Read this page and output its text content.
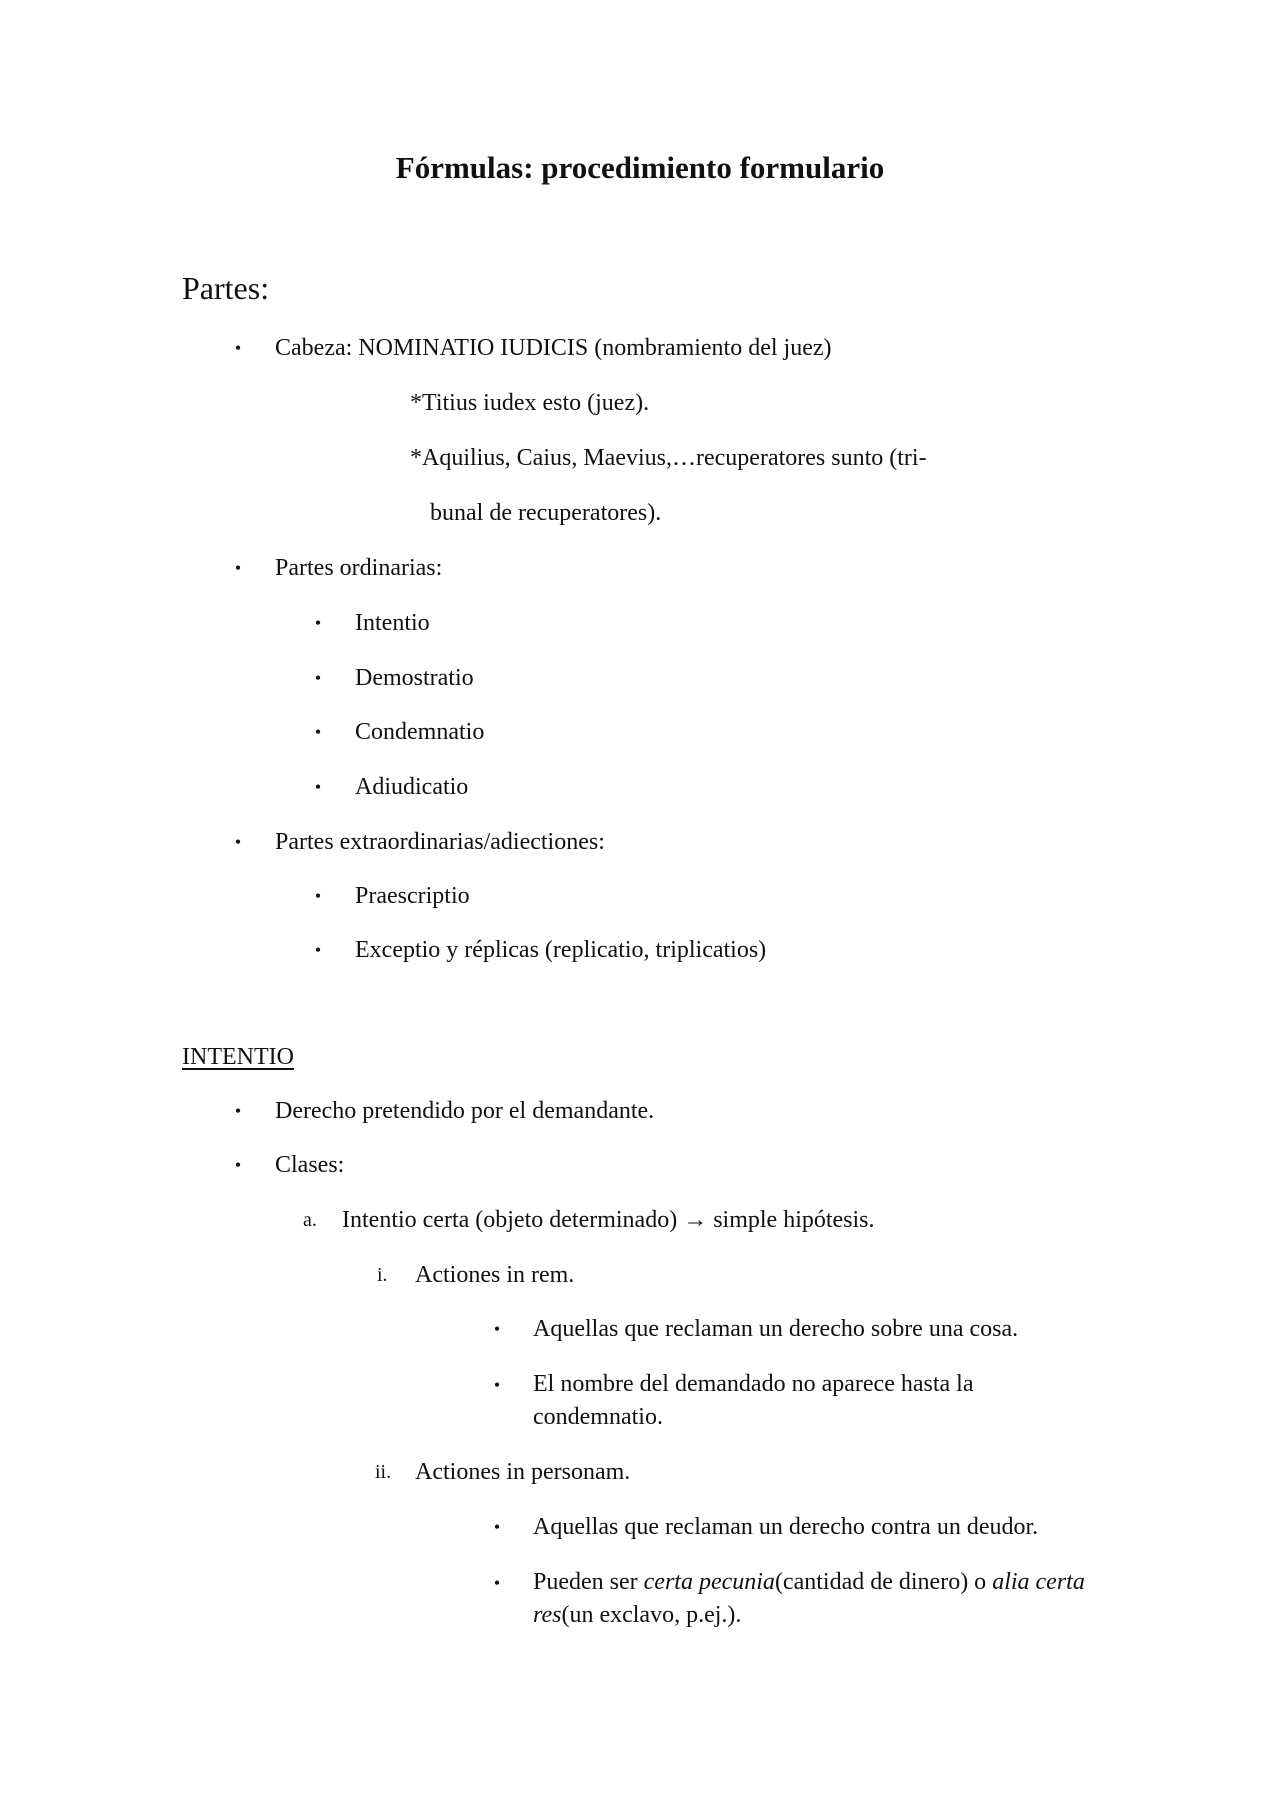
Fórmulas: procedimiento formulario
Partes:
• Cabeza: NOMINATIO IUDICIS (nombramiento del juez)
*Titius iudex esto (juez).
*Aquilius, Caius, Maevius,…recuperatores sunto (tri-
bunal de recuperatores).
• Partes ordinarias:
• Intentio
• Demostratio
• Condemnatio
• Adiudicatio
• Partes extraordinarias/adiectiones:
• Praescriptio
• Exceptio y réplicas (replicatio, triplicatios)
INTENTIO
• Derecho pretendido por el demandante.
• Clases:
a. Intentio certa (objeto determinado) → simple hipótesis.
i. Actiones in rem.
• Aquellas que reclaman un derecho sobre una cosa.
• El nombre del demandado no aparece hasta la condemnatio.
ii. Actiones in personam.
• Aquellas que reclaman un derecho contra un deudor.
• Pueden ser certa pecunia(cantidad de dinero) o alia certa res(un exclavo, p.ej.).
